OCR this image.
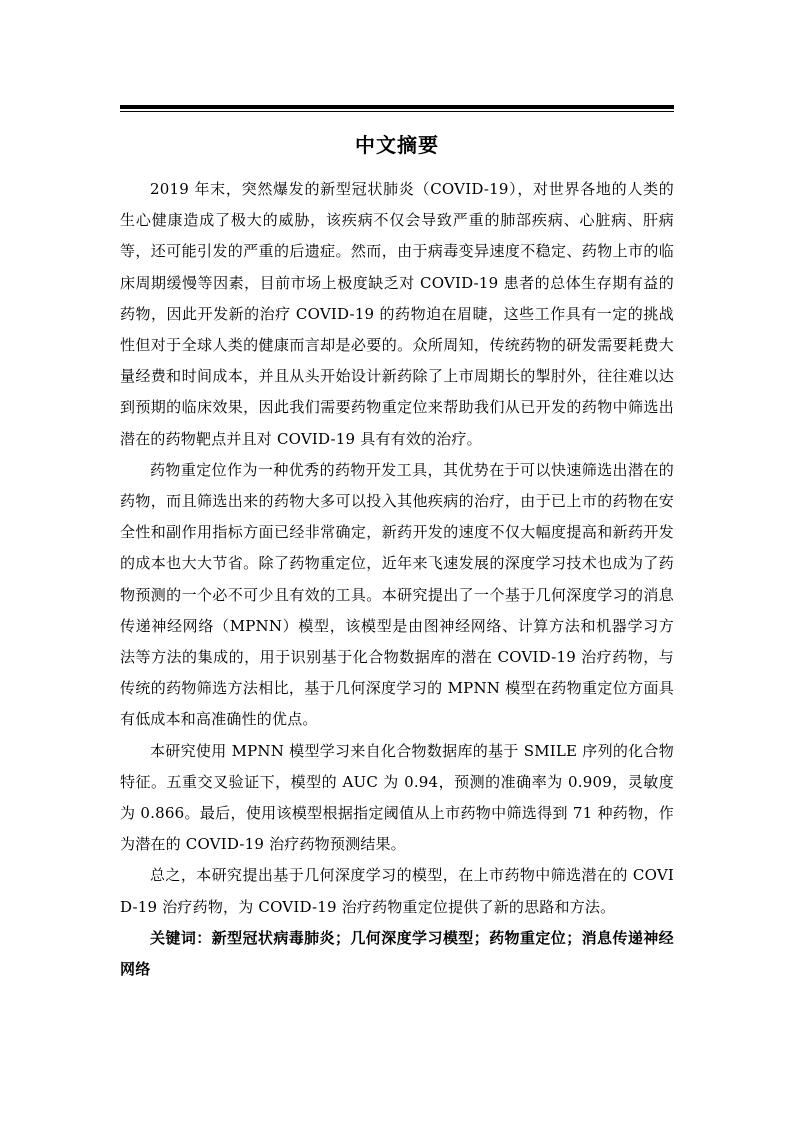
中文摘要

2019 年末，突然爆发的新型冠状肺炎（COVID-19），对世界各地的人类的生心健康造成了极大的威胁，该疾病不仅会导致严重的肺部疾病、心脏病、肝病等，还可能引发的严重的后遗症。然而，由于病毒变异速度不稳定、药物上市的临床周期缓慢等因素，目前市场上极度缺乏对 COVID-19 患者的总体生存期有益的药物，因此开发新的治疗 COVID-19 的药物迫在眉睫，这些工作具有一定的挑战性但对于全球人类的健康而言却是必要的。众所周知，传统药物的研发需要耗费大量经费和时间成本，并且从头开始设计新药除了上市周期长的掣肘外，往往难以达到预期的临床效果，因此我们需要药物重定位来帮助我们从已开发的药物中筛选出潜在的药物靶点并且对 COVID-19 具有有效的治疗。

药物重定位作为一种优秀的药物开发工具，其优势在于可以快速筛选出潜在的药物，而且筛选出来的药物大多可以投入其他疾病的治疗，由于已上市的药物在安全性和副作用指标方面已经非常确定，新药开发的速度不仅大幅度提高和新药开发的成本也大大节省。除了药物重定位，近年来飞速发展的深度学习技术也成为了药物预测的一个必不可少且有效的工具。本研究提出了一个基于几何深度学习的消息传递神经网络（MPNN）模型，该模型是由图神经网络、计算方法和机器学习方法等方法的集成的，用于识别基于化合物数据库的潜在 COVID-19 治疗药物，与传统的药物筛选方法相比，基于几何深度学习的 MPNN 模型在药物重定位方面具有低成本和高准确性的优点。

本研究使用 MPNN 模型学习来自化合物数据库的基于 SMILE 序列的化合物特征。五重交叉验证下，模型的 AUC 为 0.94，预测的准确率为 0.909，灵敏度为 0.866。最后，使用该模型根据指定阈值从上市药物中筛选得到 71 种药物，作为潜在的 COVID-19 治疗药物预测结果。

总之，本研究提出基于几何深度学习的模型，在上市药物中筛选潜在的 COVID-19 治疗药物，为 COVID-19 治疗药物重定位提供了新的思路和方法。

关键词：新型冠状病毒肺炎；几何深度学习模型；药物重定位；消息传递神经网络
